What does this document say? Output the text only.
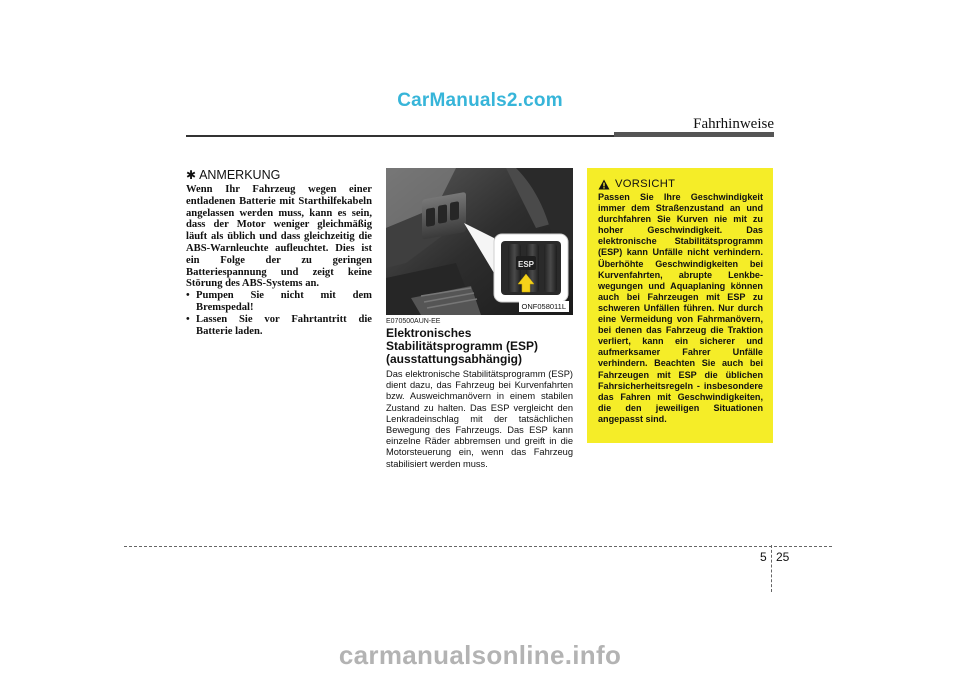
CarManuals2.com
Fahrhinweise
✱ ANMERKUNG

Wenn Ihr Fahrzeug wegen einer entladenen Batterie mit Starthilfekabeln angelassen werden muss, kann es sein, dass der Motor weniger gleichmäßig läuft als üblich und dass gleichzeitig die ABS-Warnleuchte aufleuchtet. Dies ist ein Folge der zu geringen Batteriespannung und zeigt keine Störung des ABS-Systems an.

• Pumpen Sie nicht mit dem Bremspedal!
• Lassen Sie vor Fahrtantritt die Batterie laden.
ESP
ONF058011L

E070500AUN-EE

Elektronisches Stabilitätsprogramm (ESP) (ausstattungsabhängig)

Das elektronische Stabilitätsprogramm (ESP) dient dazu, das Fahrzeug bei Kurvenfahrten bzw. Ausweichmanövern in einem stabilen Zustand zu halten. Das ESP vergleicht den Lenkradeinschlag mit der tatsächlichen Bewegung des Fahrzeugs. Das ESP kann einzelne Räder abbremsen und greift in die Motorsteuerung ein, wenn das Fahrzeug stabilisiert werden muss.

VORSICHT

Passen Sie Ihre Geschwindigkeit immer dem Straßenzustand an und durchfahren Sie Kurven nie mit zu hoher Geschwindigkeit. Das elektronische Stabilitätsprogramm (ESP) kann Unfälle nicht verhindern. Überhöhte Geschwindigkeiten bei Kurvenfahrten, abrupte Lenkbe-wegungen und Aquaplaning können auch bei Fahrzeugen mit ESP zu schweren Unfällen führen. Nur durch eine Vermeidung von Fahrmanövern, bei denen das Fahrzeug die Traktion verliert, kann ein sicherer und aufmerksamer Fahrer Unfälle verhindern. Beachten Sie auch bei Fahrzeugen mit ESP die üblichen Fahrsicherheitsregeln - insbesondere das Fahren mit Geschwindigkeiten, die den jeweiligen Situationen angepasst sind.

5 25
carmanualsonline.info
